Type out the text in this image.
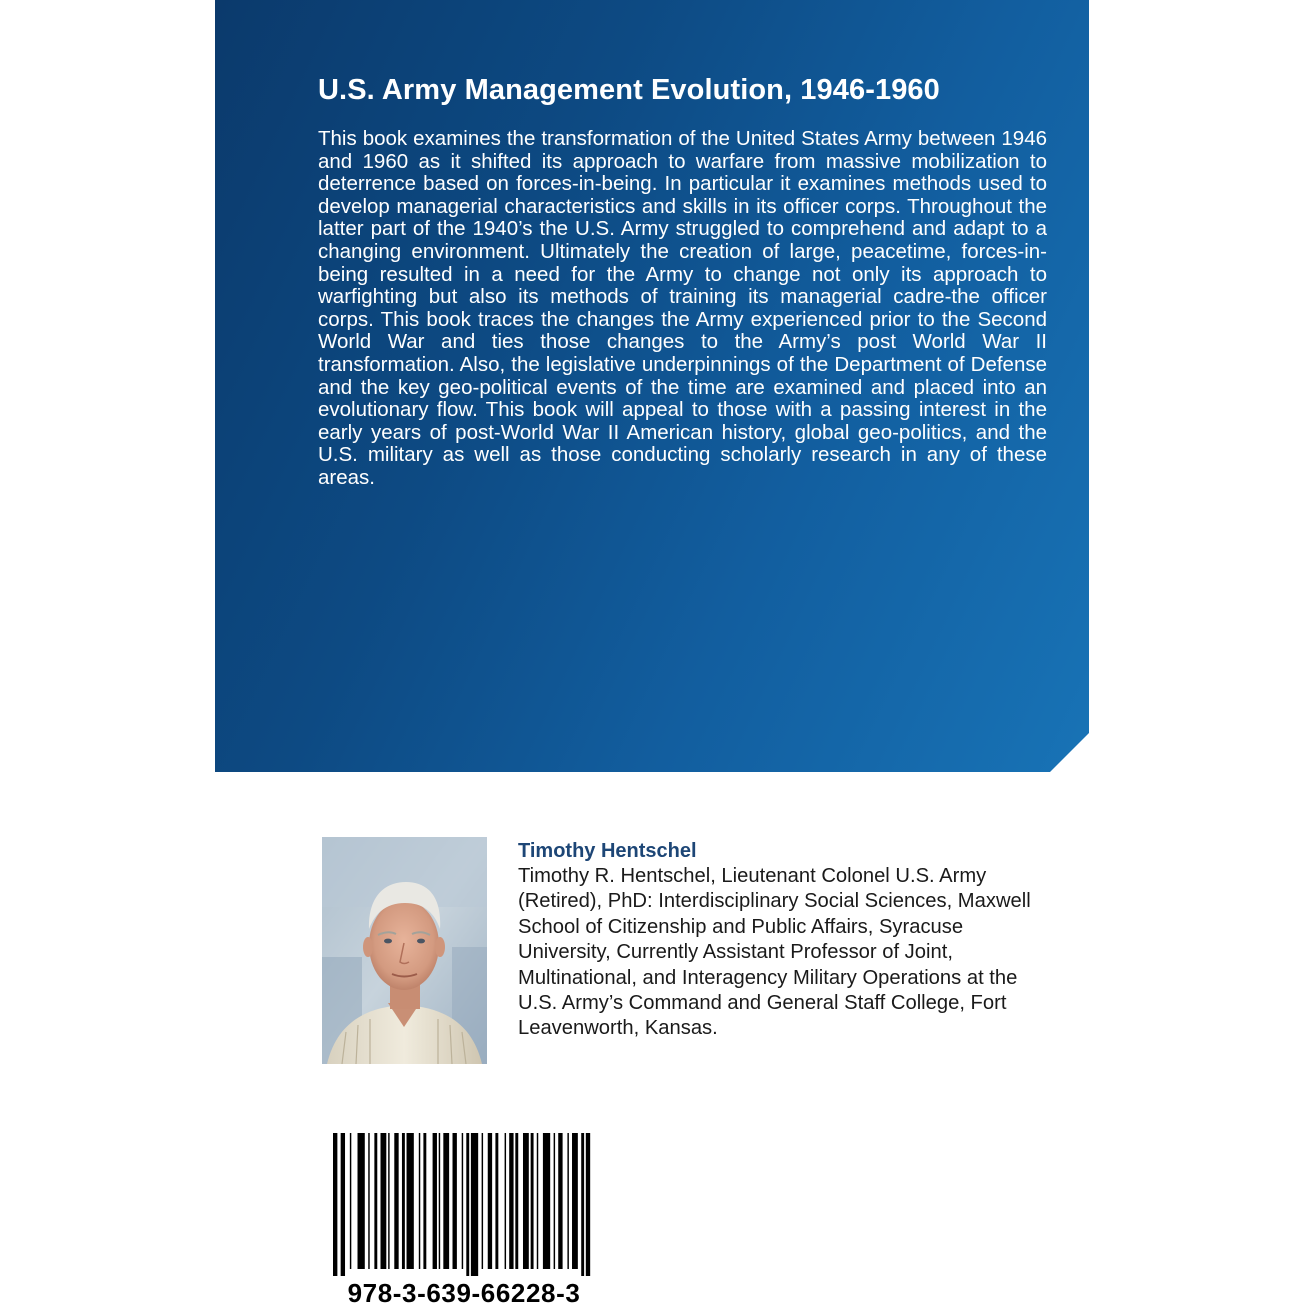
U.S. Army Management Evolution, 1946-1960

This book examines the transformation of the United States Army between 1946 and 1960 as it shifted its approach to warfare from massive mobilization to deterrence based on forces-in-being. In particular it examines methods used to develop managerial characteristics and skills in its officer corps. Throughout the latter part of the 1940’s the U.S. Army struggled to comprehend and adapt to a changing environment. Ultimately the creation of large, peacetime, forces-in-being resulted in a need for the Army to change not only its approach to warfighting but also its methods of training its managerial cadre-the officer corps. This book traces the changes the Army experienced prior to the Second World War and ties those changes to the Army’s post World War II transformation. Also, the legislative underpinnings of the Department of Defense and the key geo-political events of the time are examined and placed into an evolutionary flow. This book will appeal to those with a passing interest in the early years of post-World War II American history, global geo-politics, and the U.S. military as well as those conducting scholarly research in any of these areas.

Timothy Hentschel

Timothy R. Hentschel, Lieutenant Colonel U.S. Army (Retired), PhD: Interdisciplinary Social Sciences, Maxwell School of Citizenship and Public Affairs, Syracuse University, Currently Assistant Professor of Joint, Multinational, and Interagency Military Operations at the U.S. Army’s Command and General Staff College, Fort Leavenworth, Kansas.

978-3-639-66228-3
